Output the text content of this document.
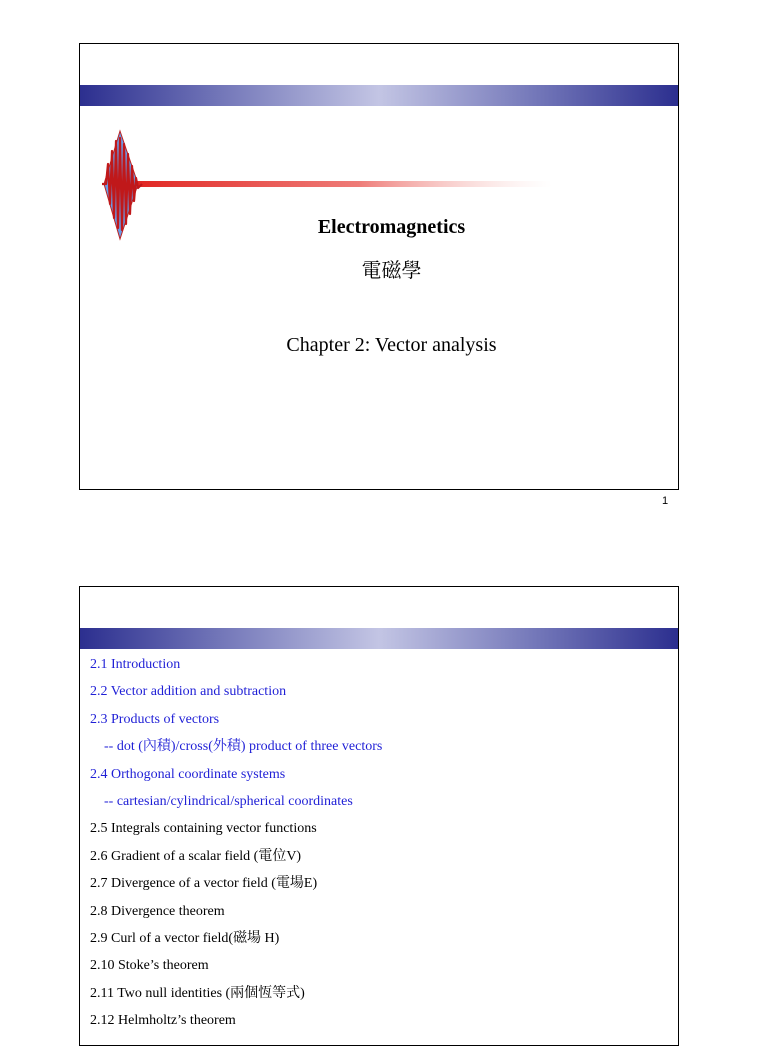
Electromagnetics
電磁學
Chapter 2: Vector analysis
1
2.1 Introduction
2.2 Vector addition and subtraction
2.3 Products of vectors
-- dot (內積)/cross(外積) product of three vectors
2.4 Orthogonal coordinate systems
-- cartesian/cylindrical/spherical coordinates
2.5 Integrals containing vector functions
2.6 Gradient of a scalar field (電位V)
2.7 Divergence of a vector field (電場E)
2.8 Divergence theorem
2.9 Curl of a vector field(磁場 H)
2.10 Stoke’s theorem
2.11 Two null identities (兩個恆等式)
2.12 Helmholtz’s theorem
